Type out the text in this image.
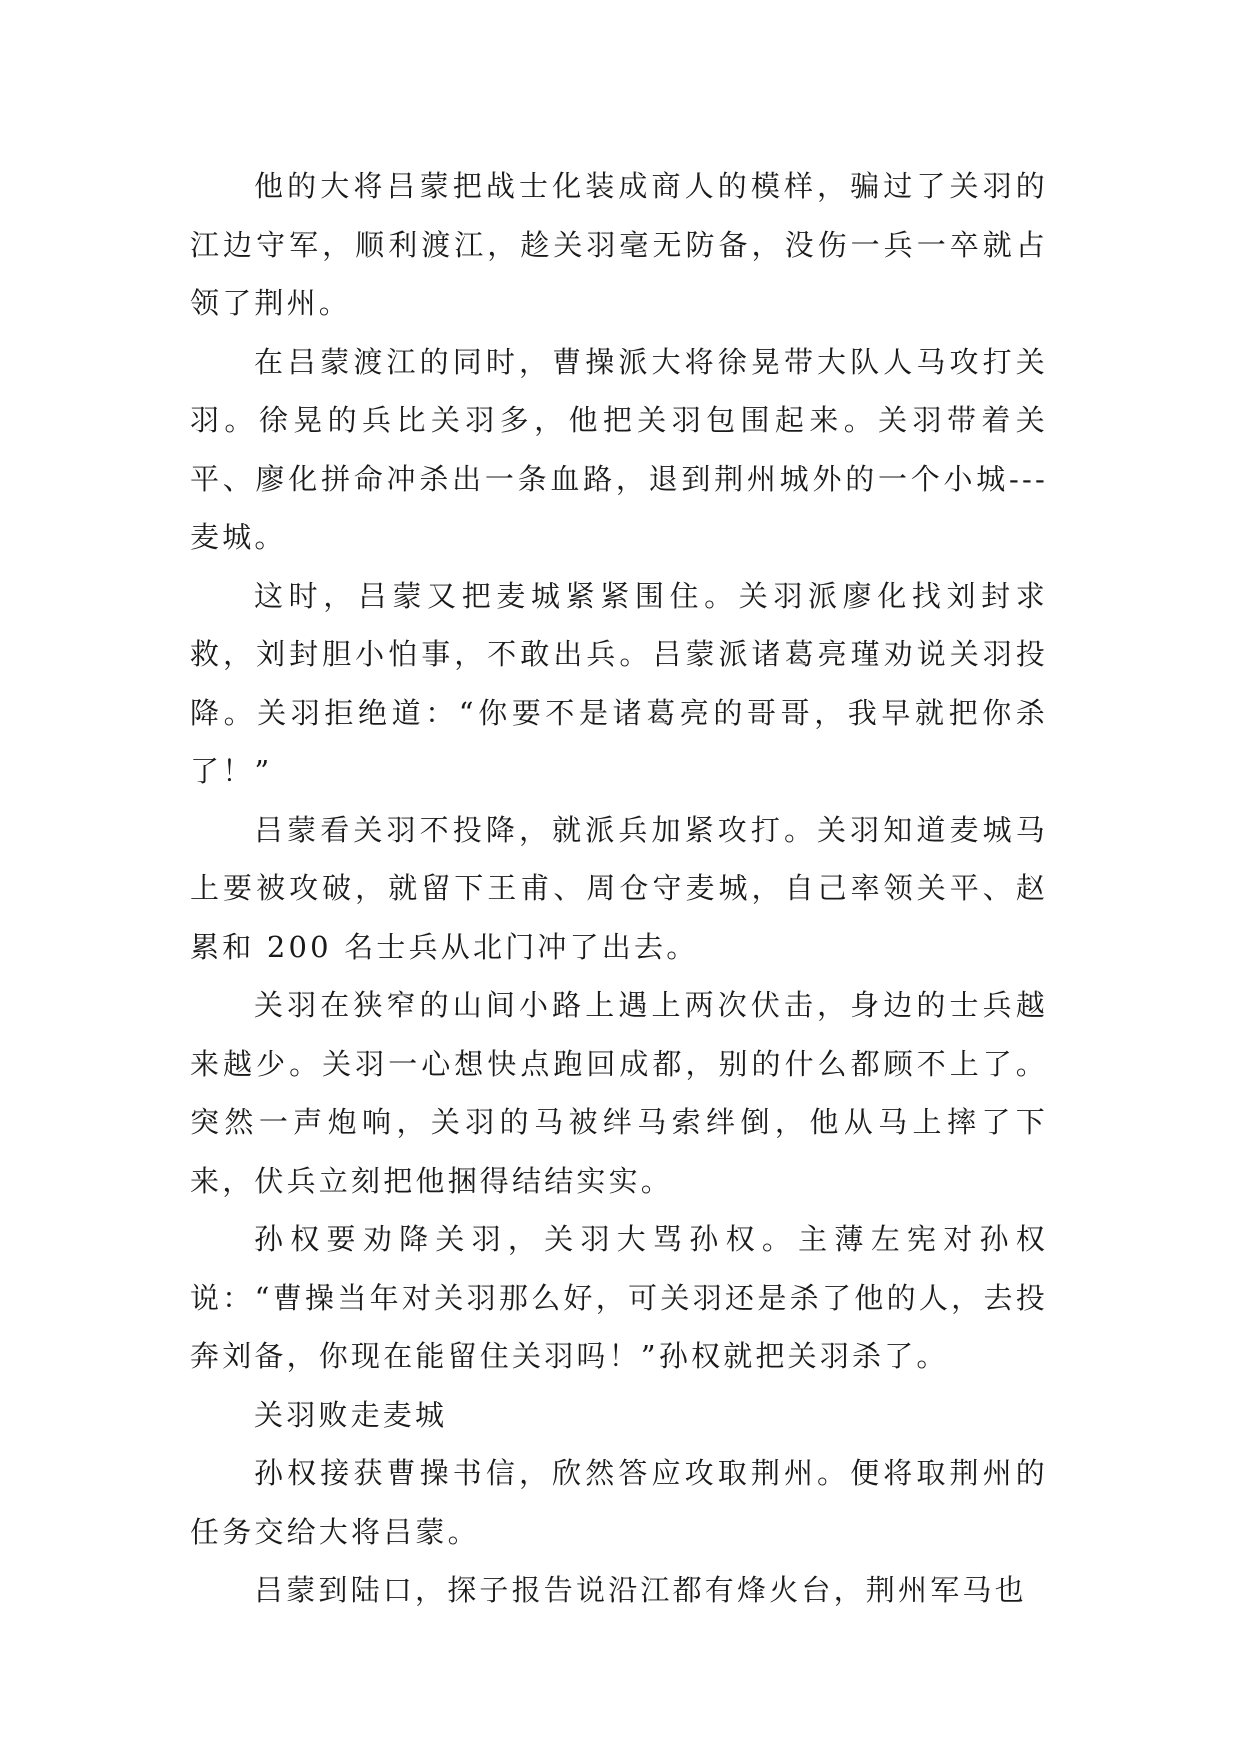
他的大将吕蒙把战士化装成商人的模样，骗过了关羽的江边守军，顺利渡江，趁关羽毫无防备，没伤一兵一卒就占领了荆州。

在吕蒙渡江的同时，曹操派大将徐晃带大队人马攻打关羽。徐晃的兵比关羽多，他把关羽包围起来。关羽带着关平、廖化拼命冲杀出一条血路，退到荆州城外的一个小城---麦城。

这时，吕蒙又把麦城紧紧围住。关羽派廖化找刘封求救，刘封胆小怕事，不敢出兵。吕蒙派诸葛亮瑾劝说关羽投降。关羽拒绝道：“你要不是诸葛亮的哥哥，我早就把你杀了！”

吕蒙看关羽不投降，就派兵加紧攻打。关羽知道麦城马上要被攻破，就留下王甫、周仓守麦城，自己率领关平、赵累和 200 名士兵从北门冲了出去。

关羽在狭窄的山间小路上遇上两次伏击，身边的士兵越来越少。关羽一心想快点跑回成都，别的什么都顾不上了。突然一声炮响，关羽的马被绊马索绊倒，他从马上摔了下来，伏兵立刻把他捆得结结实实。

孙权要劝降关羽，关羽大骂孙权。主薄左宪对孙权说：“曹操当年对关羽那么好，可关羽还是杀了他的人，去投奔刘备，你现在能留住关羽吗！”孙权就把关羽杀了。

关羽败走麦城

孙权接获曹操书信，欣然答应攻取荆州。便将取荆州的任务交给大将吕蒙。

吕蒙到陆口，探子报告说沿江都有烽火台，荆州军马也
